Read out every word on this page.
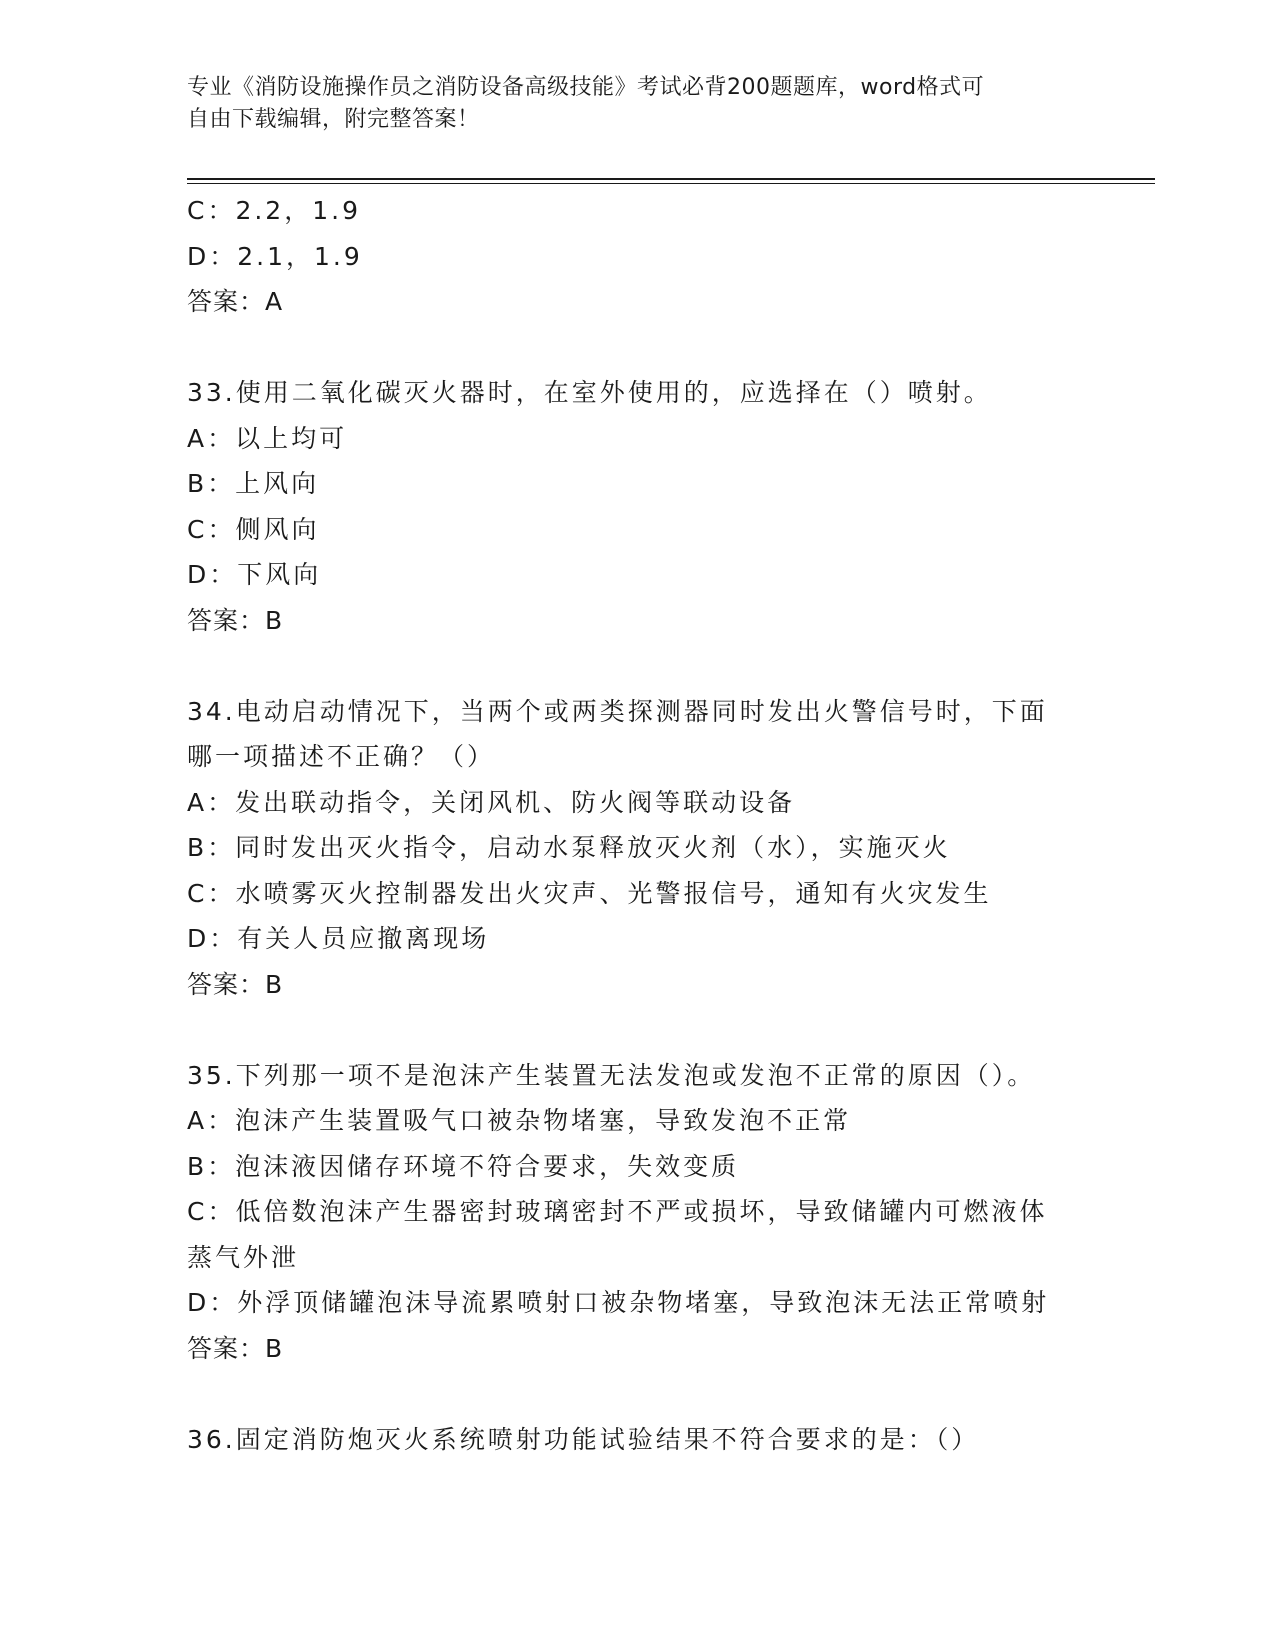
专业《消防设施操作员之消防设备高级技能》考试必背200题题库，word格式可
自由下载编辑，附完整答案！
C：2.2，1.9
D：2.1，1.9
答案：A
33.使用二氧化碳灭火器时，在室外使用的，应选择在（）喷射。
A：以上均可
B：上风向
C：侧风向
D：下风向
答案：B
34.电动启动情况下，当两个或两类探测器同时发出火警信号时，下面
哪一项描述不正确？（）
A：发出联动指令，关闭风机、防火阀等联动设备
B：同时发出灭火指令，启动水泵释放灭火剂（水），实施灭火
C：水喷雾灭火控制器发出火灾声、光警报信号，通知有火灾发生
D：有关人员应撤离现场
答案：B
35.下列那一项不是泡沫产生装置无法发泡或发泡不正常的原因（）。
A：泡沫产生装置吸气口被杂物堵塞，导致发泡不正常
B：泡沫液因储存环境不符合要求，失效变质
C：低倍数泡沫产生器密封玻璃密封不严或损坏，导致储罐内可燃液体
蒸气外泄
D：外浮顶储罐泡沫导流累喷射口被杂物堵塞，导致泡沫无法正常喷射
答案：B
36.固定消防炮灭火系统喷射功能试验结果不符合要求的是：（）
